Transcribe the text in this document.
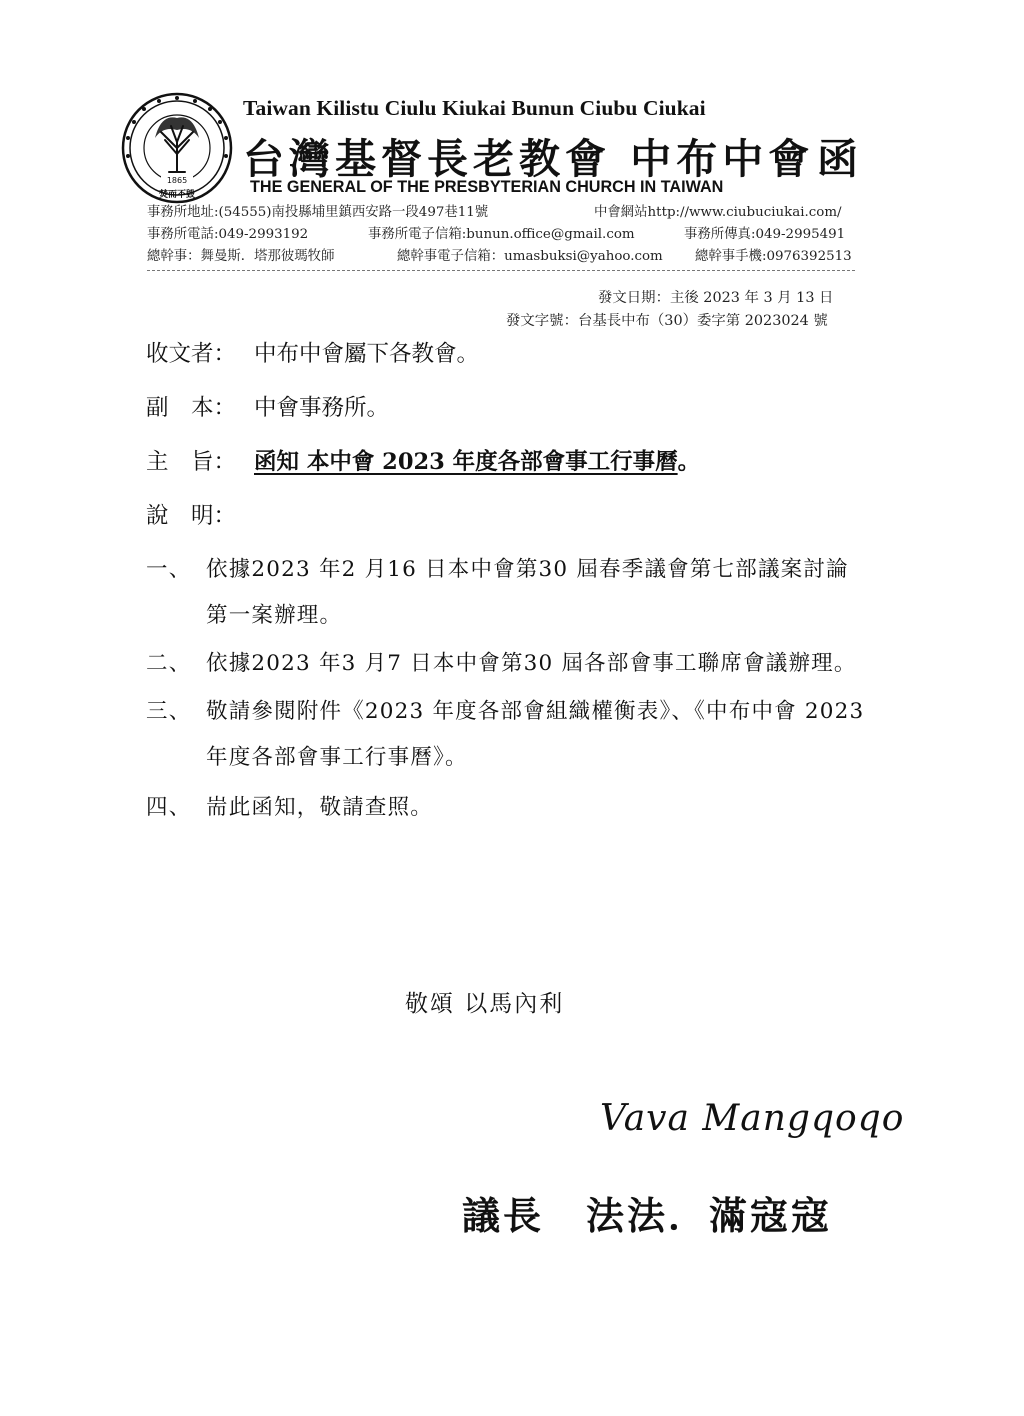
1865
焚而不毀
Taiwan Kilistu Ciulu Kiukai Bunun Ciubu Ciukai
台灣基督長老教會 中布中會 函
THE GENERAL OF THE PRESBYTERIAN CHURCH IN TAIWAN
事務所地址:(54555)南投縣埔里鎮西安路一段497巷11號	中會網站http://www.ciubuciukai.com/
事務所電話:049-2993192	事務所電子信箱:bunun.office@gmail.com	事務所傳真:049-2995491
總幹事：舞曼斯．塔那彼瑪牧師	總幹事電子信箱：umasbuksi@yahoo.com 總幹事手機:0976392513
發文日期：主後 2023 年 3 月 13 日
發文字號：台基長中布（30）委字第 2023024 號
收文者： 中布中會屬下各教會。
副　本： 中會事務所。
主　旨： 函知 本中會 2023 年度各部會事工行事曆。
說　明：
一、 依據2023 年2 月16 日本中會第30 屆春季議會第七部議案討論
第一案辦理。
二、 依據2023 年3 月7 日本中會第30 屆各部會事工聯席會議辦理。
三、 敬請參閱附件《2023 年度各部會組織權衡表》、《中布中會 2023
年度各部會事工行事曆》。
四、 耑此函知，敬請查照。
敬頌 以馬內利
Vava Mangqoqo
議長 法法．滿寇寇
